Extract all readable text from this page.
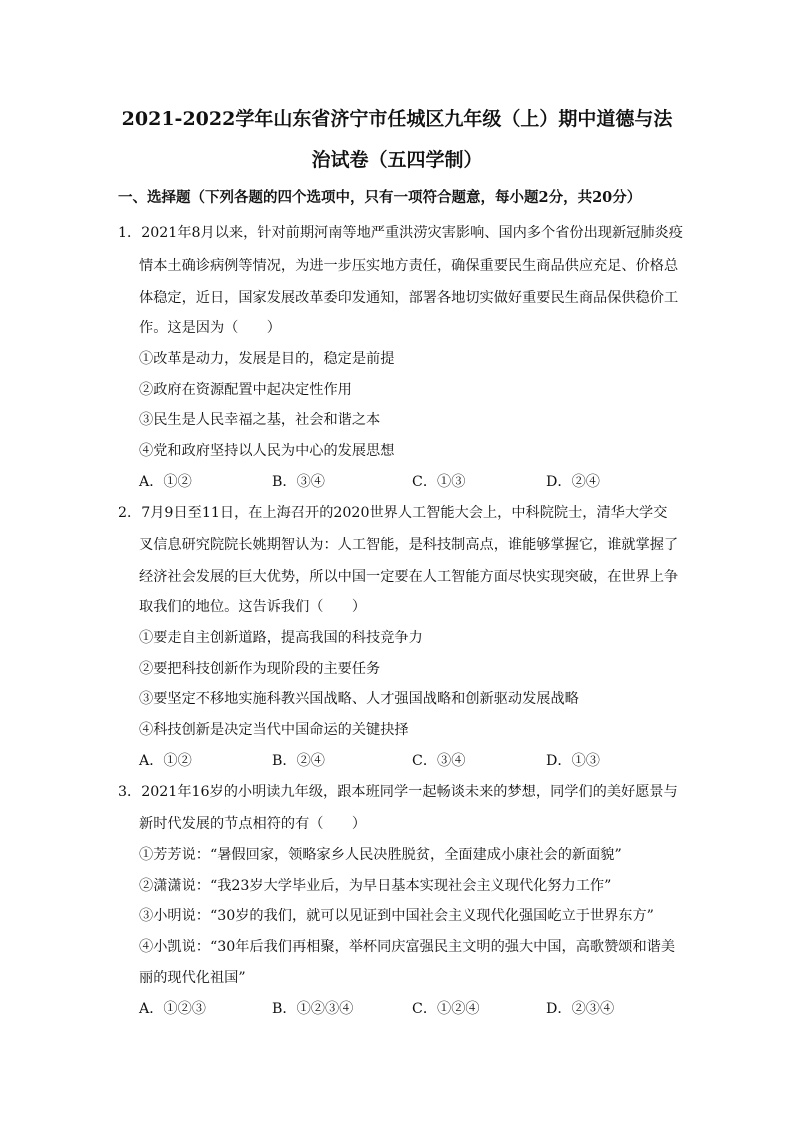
2021-2022学年山东省济宁市任城区九年级（上）期中道德与法
治试卷（五四学制）
一、选择题（下列各题的四个选项中，只有一项符合题意，每小题2分，共20分）
1．2021年8月以来，针对前期河南等地严重洪涝灾害影响、国内多个省份出现新冠肺炎疫
情本土确诊病例等情况，为进一步压实地方责任，确保重要民生商品供应充足、价格总
体稳定，近日，国家发展改革委印发通知，部署各地切实做好重要民生商品保供稳价工
作。这是因为（　　）
①改革是动力，发展是目的，稳定是前提
②政府在资源配置中起决定性作用
③民生是人民幸福之基，社会和谐之本
④党和政府坚持以人民为中心的发展思想
A．①②	B．③④	C．①③	D．②④
2．7月9日至11日，在上海召开的2020世界人工智能大会上，中科院院士，清华大学交
叉信息研究院院长姚期智认为：人工智能，是科技制高点，谁能够掌握它，谁就掌握了
经济社会发展的巨大优势，所以中国一定要在人工智能方面尽快实现突破，在世界上争
取我们的地位。这告诉我们（　　）
①要走自主创新道路，提高我国的科技竞争力
②要把科技创新作为现阶段的主要任务
③要坚定不移地实施科教兴国战略、人才强国战略和创新驱动发展战略
④科技创新是决定当代中国命运的关键抉择
A．①②	B．②④	C．③④	D．①③
3．2021年16岁的小明读九年级，跟本班同学一起畅谈未来的梦想，同学们的美好愿景与
新时代发展的节点相符的有（　　）
①芳芳说：“暑假回家，领略家乡人民决胜脱贫，全面建成小康社会的新面貌”
②潇潇说：“我23岁大学毕业后，为早日基本实现社会主义现代化努力工作”
③小明说：“30岁的我们，就可以见证到中国社会主义现代化强国屹立于世界东方”
④小凯说：“30年后我们再相聚，举杯同庆富强民主文明的强大中国，高歌赞颂和谐美
丽的现代化祖国”
A．①②③	B．①②③④	C．①②④	D．②③④
